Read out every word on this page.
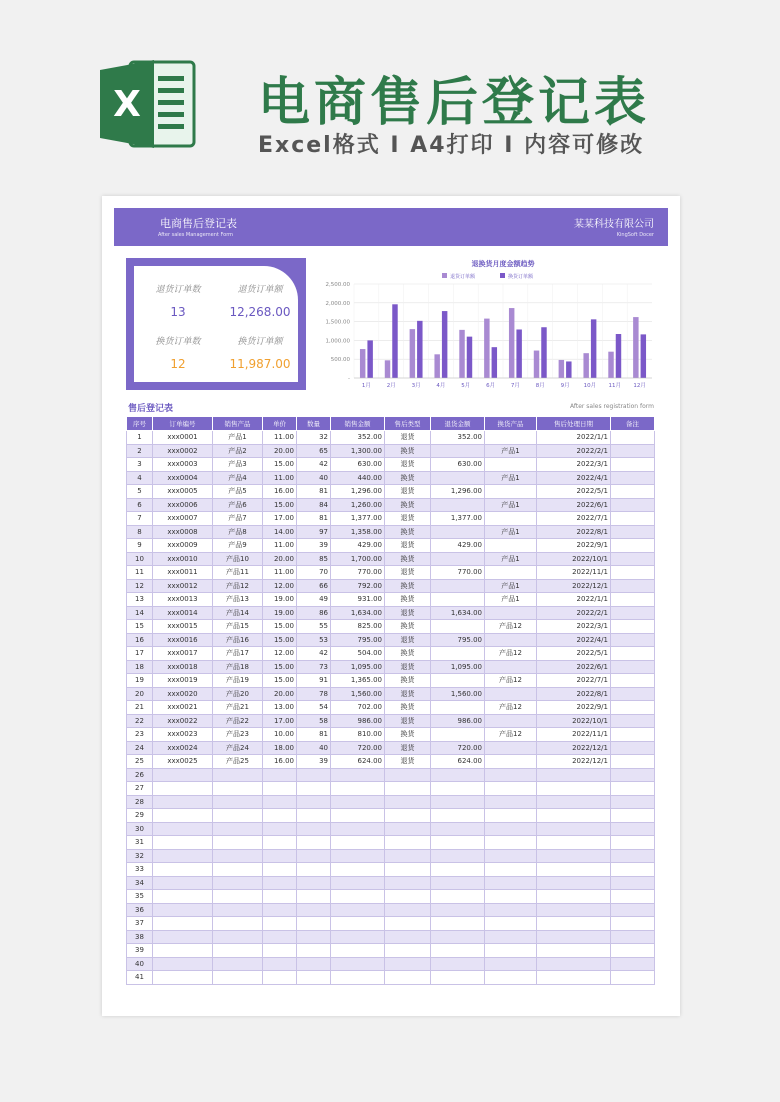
X 电商售后登记表
Excel格式 I A4打印 I 内容可修改
电商售后登记表
After sales Management Form
某某科技有限公司
KingSoft Docer
退货订单数
13
退货订单额
12,268.00
换货订单数
12
换货订单额
11,987.00
退换货月度金额趋势
退货订单额	换货订单额
-
500.00
1,000.00
1,500.00
2,000.00
2,500.00
1月	2月	3月	4月	5月	6月	7月	8月	9月	10月 11月 12月
售后登记表	After sales registration form
序号	订单编号	销售产品	单价	数量	销售金额	售后类型	退货金额	换货产品	售后处理日期	备注
1	xxx0001	产品1	11.00	32	352.00	退货	352.00		2022/1/1	
2	xxx0002	产品2	20.00	65	1,300.00	换货		产品1	2022/2/1	
3	xxx0003	产品3	15.00	42	630.00	退货	630.00		2022/3/1	
4	xxx0004	产品4	11.00	40	440.00	换货		产品1	2022/4/1	
5	xxx0005	产品5	16.00	81	1,296.00	退货	1,296.00		2022/5/1	
6	xxx0006	产品6	15.00	84	1,260.00	换货		产品1	2022/6/1	
7	xxx0007	产品7	17.00	81	1,377.00	退货	1,377.00		2022/7/1	
8	xxx0008	产品8	14.00	97	1,358.00	换货		产品1	2022/8/1	
9	xxx0009	产品9	11.00	39	429.00	退货	429.00		2022/9/1	
10	xxx0010	产品10	20.00	85	1,700.00	换货		产品1	2022/10/1	
11	xxx0011	产品11	11.00	70	770.00	退货	770.00		2022/11/1	
12	xxx0012	产品12	12.00	66	792.00	换货		产品1	2022/12/1	
13	xxx0013	产品13	19.00	49	931.00	换货		产品1	2022/1/1	
14	xxx0014	产品14	19.00	86	1,634.00	退货	1,634.00		2022/2/1	
15	xxx0015	产品15	15.00	55	825.00	换货		产品12	2022/3/1	
16	xxx0016	产品16	15.00	53	795.00	退货	795.00		2022/4/1	
17	xxx0017	产品17	12.00	42	504.00	换货		产品12	2022/5/1	
18	xxx0018	产品18	15.00	73	1,095.00	退货	1,095.00		2022/6/1	
19	xxx0019	产品19	15.00	91	1,365.00	换货		产品12	2022/7/1	
20	xxx0020	产品20	20.00	78	1,560.00	退货	1,560.00		2022/8/1	
21	xxx0021	产品21	13.00	54	702.00	换货		产品12	2022/9/1	
22	xxx0022	产品22	17.00	58	986.00	退货	986.00		2022/10/1	
23	xxx0023	产品23	10.00	81	810.00	换货		产品12	2022/11/1	
24	xxx0024	产品24	18.00	40	720.00	退货	720.00		2022/12/1	
25	xxx0025	产品25	16.00	39	624.00	退货	624.00		2022/12/1	
26										
27										
28										
29										
30										
31										
32										
33										
34										
35										
36										
37										
38										
39										
40										
41										
